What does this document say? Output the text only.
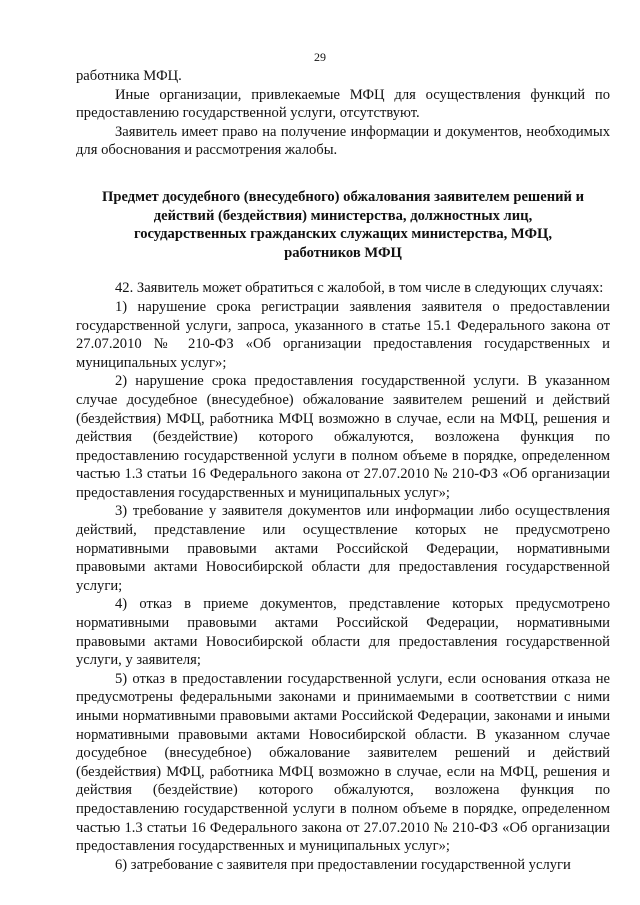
29

работника МФЦ.

Иные организации, привлекаемые МФЦ для осуществления функций по предоставлению государственной услуги, отсутствуют.

Заявитель имеет право на получение информации и документов, необходимых для обоснования и рассмотрения жалобы.

Предмет досудебного (внесудебного) обжалования заявителем решений и действий (бездействия) министерства, должностных лиц, государственных гражданских служащих министерства, МФЦ, работников МФЦ

42. Заявитель может обратиться с жалобой, в том числе в следующих случаях:

1) нарушение срока регистрации заявления заявителя о предоставлении государственной услуги, запроса, указанного в статье 15.1 Федерального закона от 27.07.2010 № 210-ФЗ «Об организации предоставления государственных и муниципальных услуг»;

2) нарушение срока предоставления государственной услуги. В указанном случае досудебное (внесудебное) обжалование заявителем решений и действий (бездействия) МФЦ, работника МФЦ возможно в случае, если на МФЦ, решения и действия (бездействие) которого обжалуются, возложена функция по предоставлению государственной услуги в полном объеме в порядке, определенном частью 1.3 статьи 16 Федерального закона от 27.07.2010 № 210-ФЗ «Об организации предоставления государственных и муниципальных услуг»;

3) требование у заявителя документов или информации либо осуществления действий, представление или осуществление которых не предусмотрено нормативными правовыми актами Российской Федерации, нормативными правовыми актами Новосибирской области для предоставления государственной услуги;

4) отказ в приеме документов, представление которых предусмотрено нормативными правовыми актами Российской Федерации, нормативными правовыми актами Новосибирской области для предоставления государственной услуги, у заявителя;

5) отказ в предоставлении государственной услуги, если основания отказа не предусмотрены федеральными законами и принимаемыми в соответствии с ними иными нормативными правовыми актами Российской Федерации, законами и иными нормативными правовыми актами Новосибирской области. В указанном случае досудебное (внесудебное) обжалование заявителем решений и действий (бездействия) МФЦ, работника МФЦ возможно в случае, если на МФЦ, решения и действия (бездействие) которого обжалуются, возложена функция по предоставлению государственной услуги в полном объеме в порядке, определенном частью 1.3 статьи 16 Федерального закона от 27.07.2010 № 210-ФЗ «Об организации предоставления государственных и муниципальных услуг»;

6) затребование с заявителя при предоставлении государственной услуги
